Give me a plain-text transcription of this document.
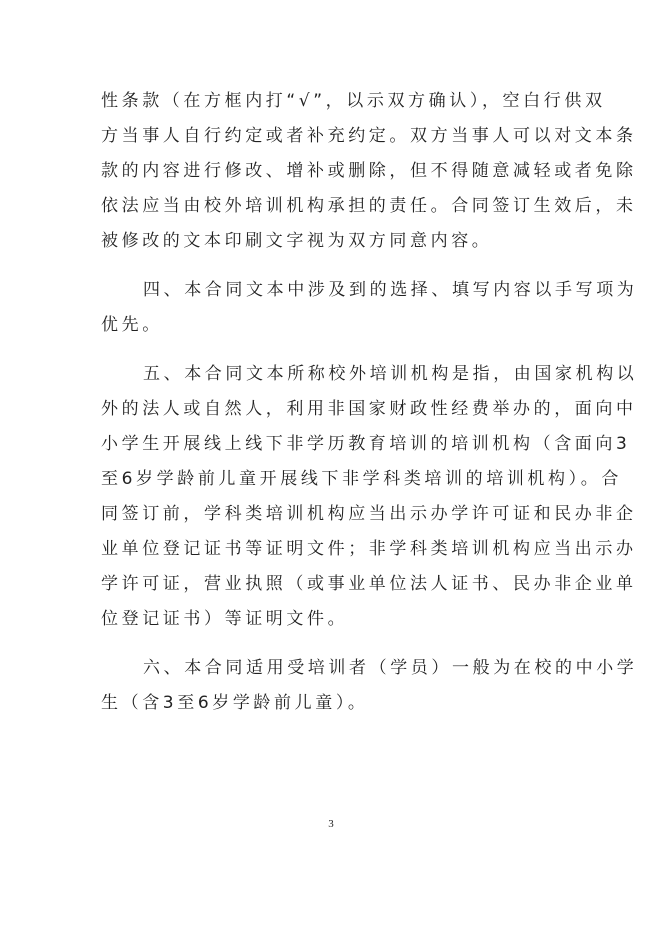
性条款（在方框内打“√”，以示双方确认），空白行供双
方当事人自行约定或者补充约定。双方当事人可以对文本条
款的内容进行修改、增补或删除，但不得随意减轻或者免除
依法应当由校外培训机构承担的责任。合同签订生效后，未
被修改的文本印刷文字视为双方同意内容。
四、本合同文本中涉及到的选择、填写内容以手写项为
优先。
五、本合同文本所称校外培训机构是指，由国家机构以
外的法人或自然人，利用非国家财政性经费举办的，面向中
小学生开展线上线下非学历教育培训的培训机构（含面向3
至6岁学龄前儿童开展线下非学科类培训的培训机构）。合
同签订前，学科类培训机构应当出示办学许可证和民办非企
业单位登记证书等证明文件；非学科类培训机构应当出示办
学许可证，营业执照（或事业单位法人证书、民办非企业单
位登记证书）等证明文件。
六、本合同适用受培训者（学员）一般为在校的中小学
生（含3至6岁学龄前儿童）。
3
